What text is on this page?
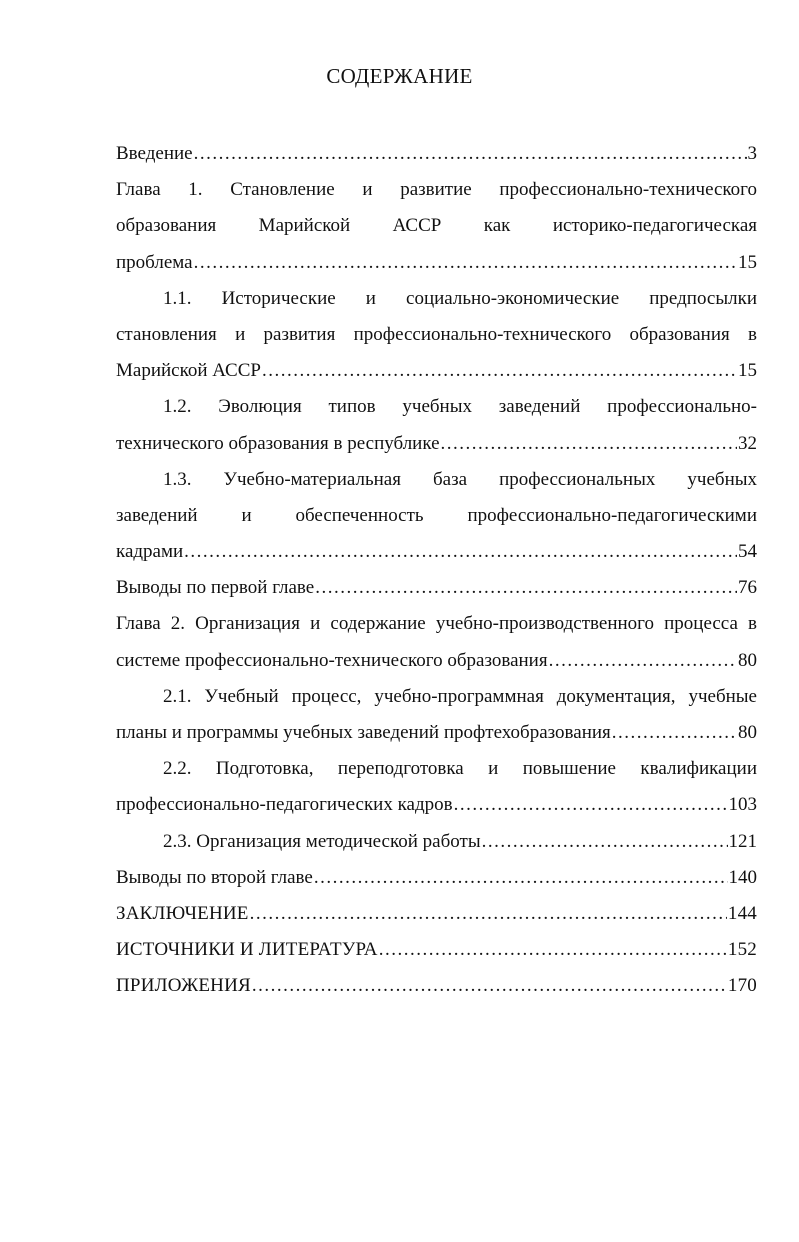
СОДЕРЖАНИЕ
Введение .....	3
Глава 1. Становление и развитие профессионально-технического
образования Марийской АССР как историко-педагогическая
проблема .....	15
1.1. Исторические и социально-экономические предпосылки
становления и развития профессионально-технического образования в
Марийской АССР .....	15
1.2. Эволюция типов учебных заведений профессионально-
технического образования в республике .....	32
1.3. Учебно-материальная база профессиональных учебных
заведений и обеспеченность профессионально-педагогическими
кадрами .....	54
Выводы по первой главе .....	76
Глава 2. Организация и содержание учебно-производственного процесса в
системе профессионально-технического образования .....	80
2.1. Учебный процесс, учебно-программная документация, учебные
планы и программы учебных заведений профтехобразования .....	80
2.2. Подготовка, переподготовка и повышение квалификации
профессионально-педагогических кадров .....	103
2.3. Организация методической работы .....	121
Выводы по второй главе .....	140
ЗАКЛЮЧЕНИЕ .....	144
ИСТОЧНИКИ И ЛИТЕРАТУРА .....	152
ПРИЛОЖЕНИЯ .....	170
